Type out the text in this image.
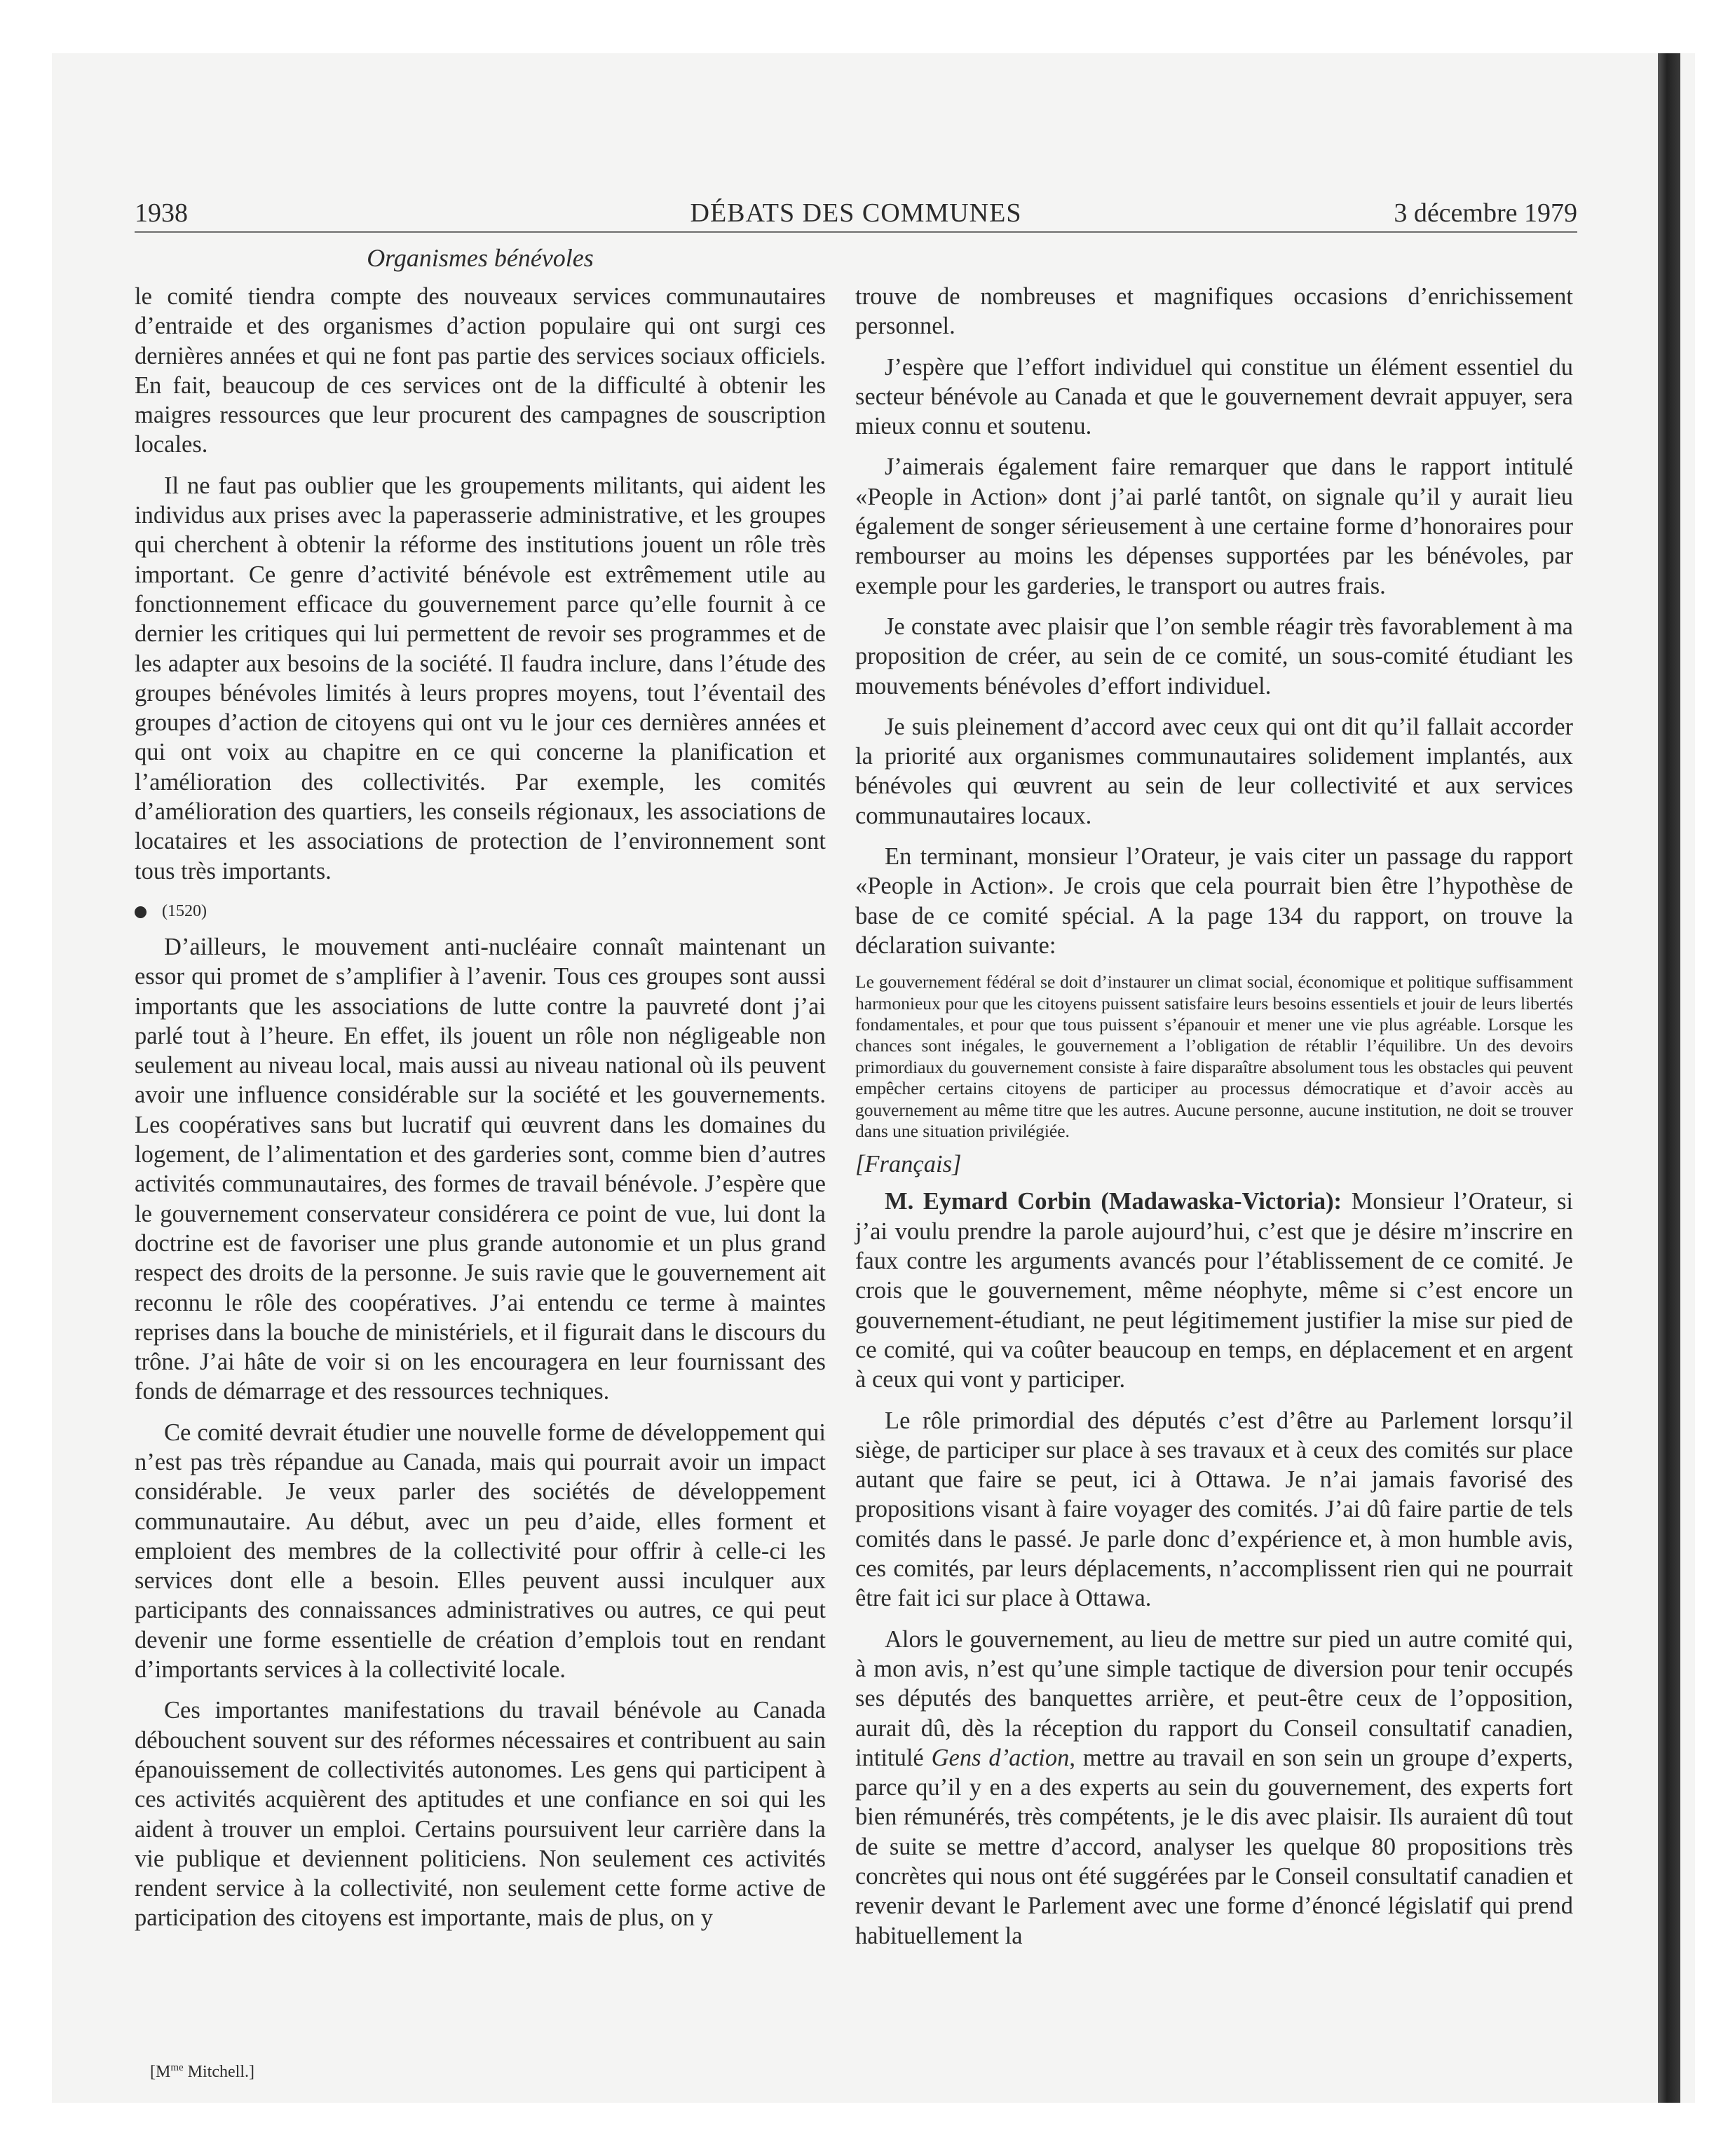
1938	DÉBATS DES COMMUNES	3 décembre 1979
Organismes bénévoles

le comité tiendra compte des nouveaux services communautaires d’entraide et des organismes d’action populaire qui ont surgi ces dernières années et qui ne font pas partie des services sociaux officiels. En fait, beaucoup de ces services ont de la difficulté à obtenir les maigres ressources que leur procurent des campagnes de souscription locales.

Il ne faut pas oublier que les groupements militants, qui aident les individus aux prises avec la paperasserie administrative, et les groupes qui cherchent à obtenir la réforme des institutions jouent un rôle très important. Ce genre d’activité bénévole est extrêmement utile au fonctionnement efficace du gouvernement parce qu’elle fournit à ce dernier les critiques qui lui permettent de revoir ses programmes et de les adapter aux besoins de la société. Il faudra inclure, dans l’étude des groupes bénévoles limités à leurs propres moyens, tout l’éventail des groupes d’action de citoyens qui ont vu le jour ces dernières années et qui ont voix au chapitre en ce qui concerne la planification et l’amélioration des collectivités. Par exemple, les comités d’amélioration des quartiers, les conseils régionaux, les associations de locataires et les associations de protection de l’environnement sont tous très importants.

(1520)

D’ailleurs, le mouvement anti-nucléaire connaît maintenant un essor qui promet de s’amplifier à l’avenir. Tous ces groupes sont aussi importants que les associations de lutte contre la pauvreté dont j’ai parlé tout à l’heure. En effet, ils jouent un rôle non négligeable non seulement au niveau local, mais aussi au niveau national où ils peuvent avoir une influence considérable sur la société et les gouvernements. Les coopératives sans but lucratif qui œuvrent dans les domaines du logement, de l’alimentation et des garderies sont, comme bien d’autres activités communautaires, des formes de travail bénévole. J’espère que le gouvernement conservateur considérera ce point de vue, lui dont la doctrine est de favoriser une plus grande autonomie et un plus grand respect des droits de la personne. Je suis ravie que le gouvernement ait reconnu le rôle des coopératives. J’ai entendu ce terme à maintes reprises dans la bouche de ministériels, et il figurait dans le discours du trône. J’ai hâte de voir si on les encouragera en leur fournissant des fonds de démarrage et des ressources techniques.

Ce comité devrait étudier une nouvelle forme de développement qui n’est pas très répandue au Canada, mais qui pourrait avoir un impact considérable. Je veux parler des sociétés de développement communautaire. Au début, avec un peu d’aide, elles forment et emploient des membres de la collectivité pour offrir à celle-ci les services dont elle a besoin. Elles peuvent aussi inculquer aux participants des connaissances administratives ou autres, ce qui peut devenir une forme essentielle de création d’emplois tout en rendant d’importants services à la collectivité locale.

Ces importantes manifestations du travail bénévole au Canada débouchent souvent sur des réformes nécessaires et contribuent au sain épanouissement de collectivités autonomes. Les gens qui participent à ces activités acquièrent des aptitudes et une confiance en soi qui les aident à trouver un emploi. Certains poursuivent leur carrière dans la vie publique et deviennent politiciens. Non seulement ces activités rendent service à la collectivité, non seulement cette forme active de participation des citoyens est importante, mais de plus, on y

trouve de nombreuses et magnifiques occasions d’enrichissement personnel.

J’espère que l’effort individuel qui constitue un élément essentiel du secteur bénévole au Canada et que le gouvernement devrait appuyer, sera mieux connu et soutenu.

J’aimerais également faire remarquer que dans le rapport intitulé «People in Action» dont j’ai parlé tantôt, on signale qu’il y aurait lieu également de songer sérieusement à une certaine forme d’honoraires pour rembourser au moins les dépenses supportées par les bénévoles, par exemple pour les garderies, le transport ou autres frais.

Je constate avec plaisir que l’on semble réagir très favorablement à ma proposition de créer, au sein de ce comité, un sous-comité étudiant les mouvements bénévoles d’effort individuel.

Je suis pleinement d’accord avec ceux qui ont dit qu’il fallait accorder la priorité aux organismes communautaires solidement implantés, aux bénévoles qui œuvrent au sein de leur collectivité et aux services communautaires locaux.

En terminant, monsieur l’Orateur, je vais citer un passage du rapport «People in Action». Je crois que cela pourrait bien être l’hypothèse de base de ce comité spécial. A la page 134 du rapport, on trouve la déclaration suivante:

Le gouvernement fédéral se doit d’instaurer un climat social, économique et politique suffisamment harmonieux pour que les citoyens puissent satisfaire leurs besoins essentiels et jouir de leurs libertés fondamentales, et pour que tous puissent s’épanouir et mener une vie plus agréable. Lorsque les chances sont inégales, le gouvernement a l’obligation de rétablir l’équilibre. Un des devoirs primordiaux du gouvernement consiste à faire disparaître absolument tous les obstacles qui peuvent empêcher certains citoyens de participer au processus démocratique et d’avoir accès au gouvernement au même titre que les autres. Aucune personne, aucune institution, ne doit se trouver dans une situation privilégiée.
[Français]

M. Eymard Corbin (Madawaska-Victoria): Monsieur l’Orateur, si j’ai voulu prendre la parole aujourd’hui, c’est que je désire m’inscrire en faux contre les arguments avancés pour l’établissement de ce comité. Je crois que le gouvernement, même néophyte, même si c’est encore un gouvernement-étudiant, ne peut légitimement justifier la mise sur pied de ce comité, qui va coûter beaucoup en temps, en déplacement et en argent à ceux qui vont y participer.

Le rôle primordial des députés c’est d’être au Parlement lorsqu’il siège, de participer sur place à ses travaux et à ceux des comités sur place autant que faire se peut, ici à Ottawa. Je n’ai jamais favorisé des propositions visant à faire voyager des comités. J’ai dû faire partie de tels comités dans le passé. Je parle donc d’expérience et, à mon humble avis, ces comités, par leurs déplacements, n’accomplissent rien qui ne pourrait être fait ici sur place à Ottawa.

Alors le gouvernement, au lieu de mettre sur pied un autre comité qui, à mon avis, n’est qu’une simple tactique de diversion pour tenir occupés ses députés des banquettes arrière, et peut-être ceux de l’opposition, aurait dû, dès la réception du rapport du Conseil consultatif canadien, intitulé Gens d’action, mettre au travail en son sein un groupe d’experts, parce qu’il y en a des experts au sein du gouvernement, des experts fort bien rémunérés, très compétents, je le dis avec plaisir. Ils auraient dû tout de suite se mettre d’accord, analyser les quelque 80 propositions très concrètes qui nous ont été suggérées par le Conseil consultatif canadien et revenir devant le Parlement avec une forme d’énoncé législatif qui prend habituellement la

[$M^{me}$ Mitchell.]
